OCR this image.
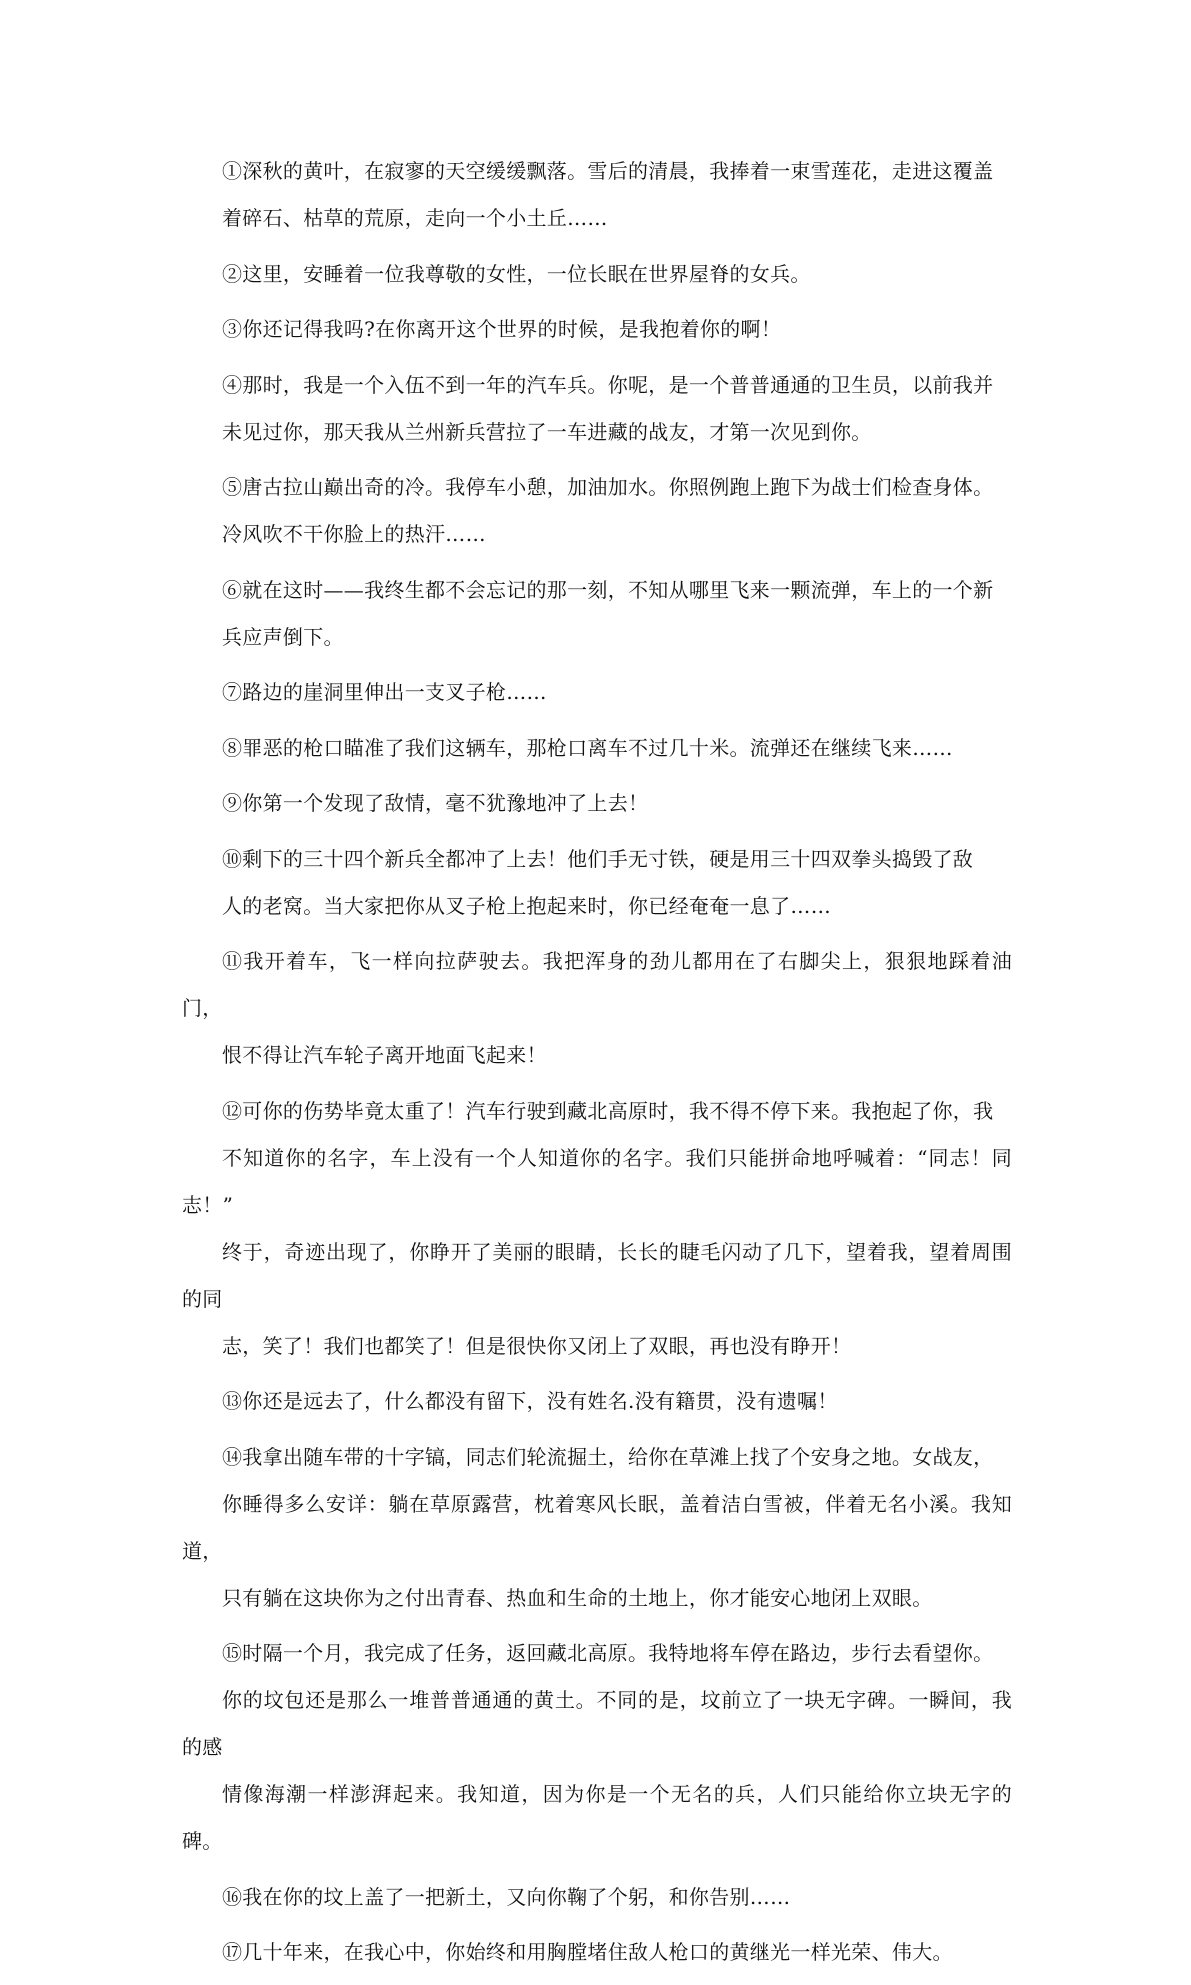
①深秋的黄叶，在寂寥的天空缓缓飘落。雪后的清晨，我捧着一束雪莲花，走进这覆盖
着碎石、枯草的荒原，走向一个小土丘……

②这里，安睡着一位我尊敬的女性，一位长眠在世界屋脊的女兵。

③你还记得我吗?在你离开这个世界的时候，是我抱着你的啊！

④那时，我是一个入伍不到一年的汽车兵。你呢，是一个普普通通的卫生员，以前我并
未见过你，那天我从兰州新兵营拉了一车进藏的战友，才第一次见到你。

⑤唐古拉山巅出奇的冷。我停车小憩，加油加水。你照例跑上跑下为战士们检查身体。
冷风吹不干你脸上的热汗……

⑥就在这时——我终生都不会忘记的那一刻，不知从哪里飞来一颗流弹，车上的一个新
兵应声倒下。

⑦路边的崖洞里伸出一支叉子枪……

⑧罪恶的枪口瞄准了我们这辆车，那枪口离车不过几十米。流弹还在继续飞来……

⑨你第一个发现了敌情，毫不犹豫地冲了上去！

⑩剩下的三十四个新兵全都冲了上去！他们手无寸铁，硬是用三十四双拳头捣毁了敌
人的老窝。当大家把你从叉子枪上抱起来时，你已经奄奄一息了……

⑪我开着车，飞一样向拉萨驶去。我把浑身的劲儿都用在了右脚尖上，狠狠地踩着油门，
恨不得让汽车轮子离开地面飞起来！

⑫可你的伤势毕竟太重了！汽车行驶到藏北高原时，我不得不停下来。我抱起了你，我
不知道你的名字，车上没有一个人知道你的名字。我们只能拼命地呼喊着：“同志！同志！”
终于，奇迹出现了，你睁开了美丽的眼睛，长长的睫毛闪动了几下，望着我，望着周围的同
志，笑了！我们也都笑了！但是很快你又闭上了双眼，再也没有睁开！

⑬你还是远去了，什么都没有留下，没有姓名.没有籍贯，没有遗嘱！

⑭我拿出随车带的十字镐，同志们轮流掘土，给你在草滩上找了个安身之地。女战友，
你睡得多么安详：躺在草原露营，枕着寒风长眠，盖着洁白雪被，伴着无名小溪。我知道，
只有躺在这块你为之付出青春、热血和生命的土地上，你才能安心地闭上双眼。

⑮时隔一个月，我完成了任务，返回藏北高原。我特地将车停在路边，步行去看望你。
你的坟包还是那么一堆普普通通的黄土。不同的是，坟前立了一块无字碑。一瞬间，我的感
情像海潮一样澎湃起来。我知道，因为你是一个无名的兵，人们只能给你立块无字的碑。

⑯我在你的坟上盖了一把新土，又向你鞠了个躬，和你告别……

⑰几十年来，在我心中，你始终和用胸膛堵住敌人枪口的黄继光一样光荣、伟大。
